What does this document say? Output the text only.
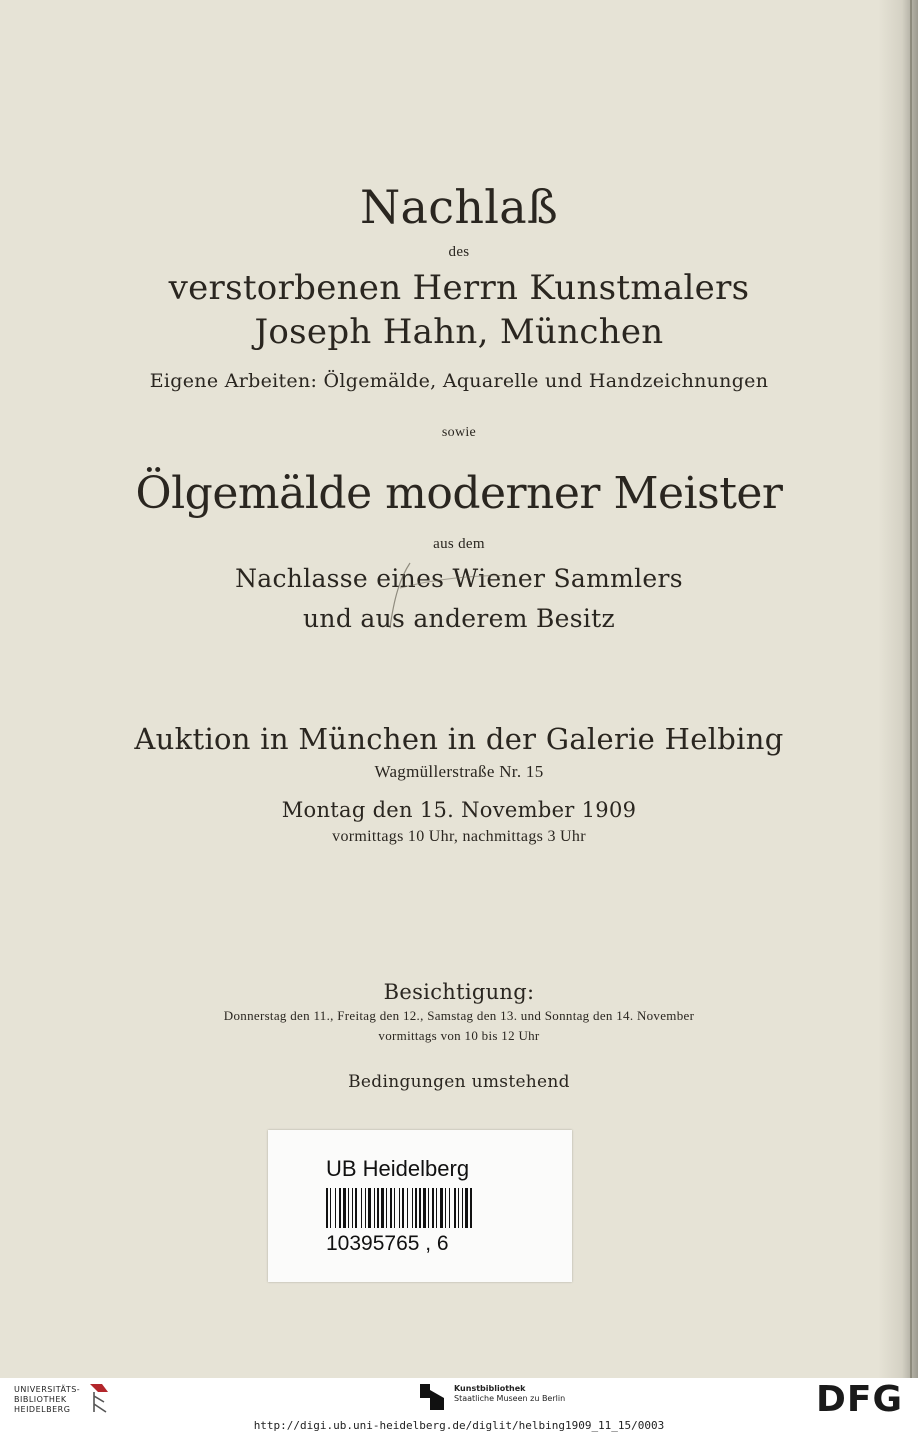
Nachlaß
des
verstorbenen Herrn Kunstmalers
Joseph Hahn, München
Eigene Arbeiten: Ölgemälde, Aquarelle und Handzeichnungen
sowie
Ölgemälde moderner Meister
aus dem
Nachlasse eines Wiener Sammlers
und aus anderem Besitz
Auktion in München in der Galerie Helbing
Wagmüllerstraße Nr. 15
Montag den 15. November 1909
vormittags 10 Uhr, nachmittags 3 Uhr
Besichtigung:
Donnerstag den 11., Freitag den 12., Samstag den 13. und Sonntag den 14. November
vormittags von 10 bis 12 Uhr
Bedingungen umstehend
UB Heidelberg
10395765 , 6
UNIVERSITÄTS-
BIBLIOTHEK
HEIDELBERG
Kunstbibliothek
Staatliche Museen zu Berlin	DFG
http://digi.ub.uni-heidelberg.de/diglit/helbing1909_11_15/0003
